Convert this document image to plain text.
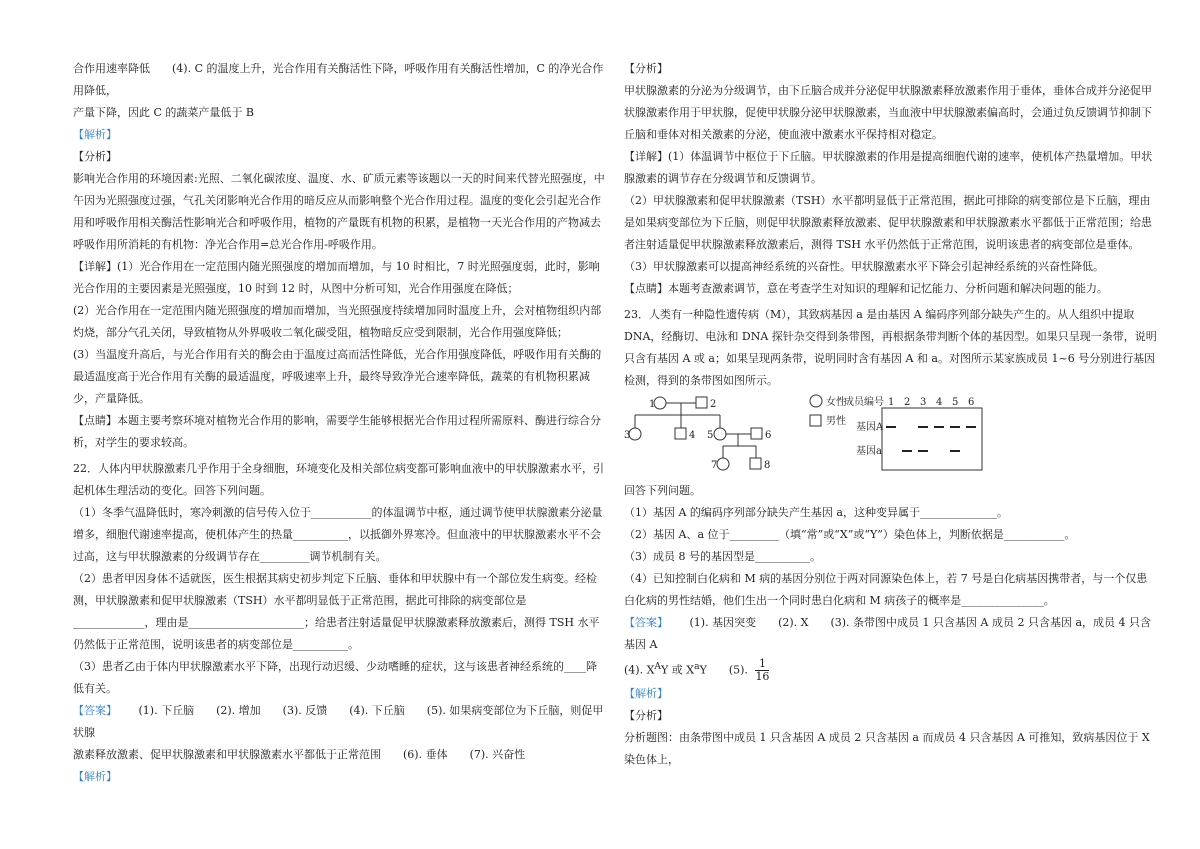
合作用速率降低　　(4). C 的温度上升，光合作用有关酶活性下降，呼吸作用有关酶活性增加，C 的净光合作用降低，

产量下降，因此 C 的蔬菜产量低于 B

【解析】

【分析】

影响光合作用的环境因素:光照、二氧化碳浓度、温度、水、矿质元素等该题以一天的时间来代替光照强度，中午因为光照强度过强，气孔关闭影响光合作用的暗反应从而影响整个光合作用过程。温度的变化会引起光合作用和呼吸作用相关酶活性影响光合和呼吸作用，植物的产量既有机物的积累，是植物一天光合作用的产物减去呼吸作用所消耗的有机物：净光合作用=总光合作用-呼吸作用。

【详解】(1）光合作用在一定范围内随光照强度的增加而增加，与 10 时相比，7 时光照强度弱，此时，影响光合作用的主要因素是光照强度，10 时到 12 时，从图中分析可知，光合作用强度在降低；

(2）光合作用在一定范围内随光照强度的增加而增加，当光照强度持续增加同时温度上升，会对植物组织内部灼烧，部分气孔关闭，导致植物从外界吸收二氧化碳受阻，植物暗反应受到限制，光合作用强度降低；

(3）当温度升高后，与光合作用有关的酶会由于温度过高而活性降低，光合作用强度降低，呼吸作用有关酶的最适温度高于光合作用有关酶的最适温度，呼吸速率上升，最终导致净光合速率降低，蔬菜的有机物积累减少，产量降低。

【点睛】本题主要考察环境对植物光合作用的影响，需要学生能够根据光合作用过程所需原料、酶进行综合分析，对学生的要求较高。

22．人体内甲状腺激素几乎作用于全身细胞，环境变化及相关部位病变都可影响血液中的甲状腺激素水平，引起机体生理活动的变化。回答下列问题。

（1）冬季气温降低时，寒冷刺激的信号传入位于___________的体温调节中枢，通过调节使甲状腺激素分泌量增多，细胞代谢速率提高，使机体产生的热量__________，以抵御外界寒冷。但血液中的甲状腺激素水平不会过高，这与甲状腺激素的分级调节存在_________调节机制有关。

（2）患者甲因身体不适就医，医生根据其病史初步判定下丘脑、垂体和甲状腺中有一个部位发生病变。经检测，甲状腺激素和促甲状腺激素（TSH）水平都明显低于正常范围，据此可排除的病变部位是_____________，理由是_____________________；给患者注射适量促甲状腺激素释放激素后，测得 TSH 水平仍然低于正常范围，说明该患者的病变部位是__________。

（3）患者乙由于体内甲状腺激素水平下降，出现行动迟缓、少动嗜睡的症状，这与该患者神经系统的____降低有关。

【答案】 (1). 下丘脑　　(2). 增加　　(3). 反馈　　(4). 下丘脑　　(5). 如果病变部位为下丘脑，则促甲状腺

激素释放激素、促甲状腺激素和甲状腺激素水平都低于正常范围　　(6). 垂体　　(7). 兴奋性

【解析】

【分析】

甲状腺激素的分泌为分级调节，由下丘脑合成并分泌促甲状腺激素释放激素作用于垂体，垂体合成并分泌促甲状腺激素作用于甲状腺，促使甲状腺分泌甲状腺激素，当血液中甲状腺激素偏高时，会通过负反馈调节抑制下丘脑和垂体对相关激素的分泌，使血液中激素水平保持相对稳定。

【详解】(1）体温调节中枢位于下丘脑。甲状腺激素的作用是提高细胞代谢的速率，使机体产热量增加。甲状腺激素的调节存在分级调节和反馈调节。

（2）甲状腺激素和促甲状腺激素（TSH）水平都明显低于正常范围，据此可排除的病变部位是下丘脑，理由是如果病变部位为下丘脑，则促甲状腺激素释放激素、促甲状腺激素和甲状腺激素水平都低于正常范围；给患者注射适量促甲状腺激素释放激素后，测得 TSH 水平仍然低于正常范围，说明该患者的病变部位是垂体。

（3）甲状腺激素可以提高神经系统的兴奋性。甲状腺激素水平下降会引起神经系统的兴奋性降低。

【点睛】本题考查激素调节，意在考查学生对知识的理解和记忆能力、分析问题和解决问题的能力。

23．人类有一种隐性遗传病（M），其致病基因 a 是由基因 A 编码序列部分缺失产生的。从人组织中提取 DNA，经酶切、电泳和 DNA 探针杂交得到条带图，再根据条带判断个体的基因型。如果只呈现一条带，说明只含有基因 A 或 a；如果呈现两条带，说明同时含有基因 A 和 a。对图所示某家族成员 1~6 号分别进行基因检测，得到的条带图如图所示。

1	2
3	4 5	6
7	8
女性
男性
成员编号
基因A
基因a
1 2 3 4 5 6

回答下列问题。

（1）基因 A 的编码序列部分缺失产生基因 a，这种变异属于______________。

（2）基因 A、a 位于_________（填“常”或“X”或“Y”）染色体上，判断依据是___________。

（3）成员 8 号的基因型是__________。

（4）已知控制白化病和 M 病的基因分别位于两对同源染色体上，若 7 号是白化病基因携带者，与一个仅患白化病的男性结婚，他们生出一个同时患白化病和 M 病孩子的概率是_______________。

【答案】 (1). 基因突变　　(2). X　　(3). 条带图中成员 1 只含基因 A 成员 2 只含基因 a，成员 4 只含基因 A

(4). $X^AY$ 或 $X^aY$　　(5). $\frac{1}{16}$

【解析】

【分析】

分析题图：由条带图中成员 1 只含基因 A 成员 2 只含基因 a 而成员 4 只含基因 A 可推知，致病基因位于 X 染色体上，
